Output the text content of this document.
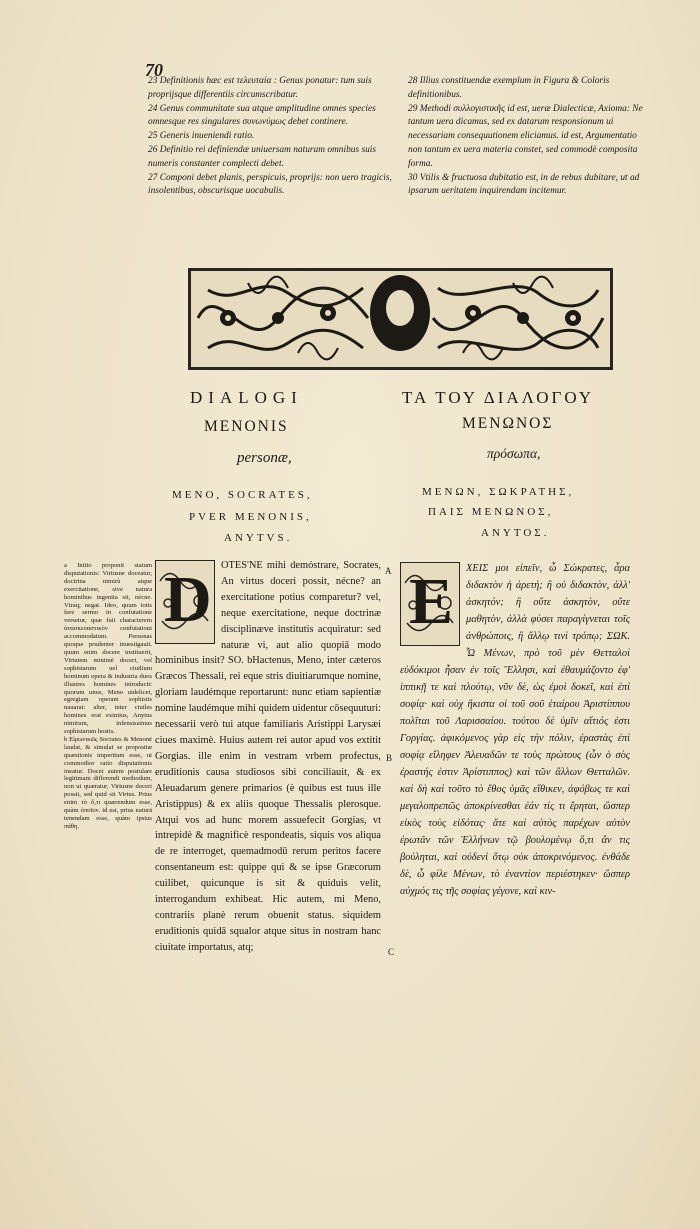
70

23 Definitionis hæc est τελευταία : Genus ponatur: tum suis proprijsque differentiis circumscribatur.

24 Genus communitate sua atque amplitudine omnes species omnesque res singulares συνωνύμως debet continere.

25 Generis inueniendi ratio.

26 Definitio rei definiendæ uniuersam naturam omnibus suis numeris constanter complecti debet.

27 Componi debet planis, perspicuis, proprijs: non uero tragicis, insolentibus, obscurisque uocabulis.

28 Illius constituendæ exemplum in Figura & Coloris definitionibus.

29 Methodi συλλογιστικῆς id est, ueræ Dialecticæ, Axioma: Ne tantum uera dicamus, sed ex datarum responsionum ui necessariam consequutionem eliciamus. id est, Argumentatio non tantum ex uera materia constet, sed commodè composita forma.

30 Vtilis & fructuosa dubitatio est, in de rebus dubitare, ut ad ipsarum ueritatem inquirendam incitemur.

DIALOGI	ΤΑ ΤΟΥ ΔΙΑΛΟΓΟΥ
MENONIS	ΜΕΝΩΝΟΣ
personæ,	πρόσωπα,
MENO, SOCRATES,
PVER MENONIS,
ANYTVS.
ΜΕΝΩΝ, ΣΩΚΡΑΤΗΣ,
ΠΑΙΣ ΜΕΝΩΝΟΣ,
ΑΝΥΤΟΣ.

a Initio proponit statum disputationis: Virtusne doceatur, doctrina nimirù atque exercitatione, sive natura hominibus ingenita sit, nécne. Vtraq; negat. Ideo, quum totis fere sermo in confutatione versetur, quæ fuit characterem ἀνασκευαστικὸν confutationi accommodatum. Personas quoque prudenter inuestigauit. quum enim docere instituerit, Virtutem minimè doceri, vel sophistarum uel ciuilium hominum opera & industria duos illustres homines introducit: quorum unus, Meno uidelicet, egregiam operam sophistis nauarat: alter, inter ciuiles homines erat eximius, Anytus nimirum, infensissimus sophistarum hostis.

b Εἰρωνικῶς Socrates & Menonē laudat, & simulat se propositæ quæstionis imperitum esse, ut commodior ratio disputationis ineatur. Docet autem postulare legitimam differendi methodum, non ut quæratur, Virtusne doceri possit, sed quid sit Virtus. Prius enim τὸ ὅ,τι quærendum esse, quàm ὁποῖον. id est, prius naturā tenendam esse, quàm ipsius πάθη.

D OTES'NE mihi demóstrare, Socrates, An virtus doceri possit, nécne? an exercitatione potius comparetur? vel, neque exercitatione, neque doctrinæ disciplinæve institutis acquiratur: sed naturæ vi, aut alio quopiā modo hominibus insit? SO. bHactenus, Meno, inter cæteros Græcos Thessali, rei eque stris diuitiarumque nomine, gloriam laudémque reportarunt: nunc etiam sapientiæ nomine laudémque mihi quidem uidentur cōsequuturi: necessarii verò tui atque familiaris Aristippi Larysæi ciues maximè. Huius autem rei autor apud vos extitit Gorgias. ille enim in vestram vrbem profectus, eruditionis causa studiosos sibi conciliauit, & ex Aleuadarum genere primarios (è quibus est tuus ille Aristippus) & ex aliis quoque Thessalis plerosque. Atqui vos ad hunc morem assuefecit Gorgias, vt intrepidè & magnificè respondeatis, siquis vos aliqua de re interroget, quemadmodū rerum peritos facere consentaneum est: quippe qui & se ipse Græcorum cuilibet, quicunque is sit & quiduis velit, interrogandum exhibeat. Hic autem, mi Meno, contrariis planè rerum obuenit status. siquidem eruditionis quidā squalor atque situs in nostram hanc ciuitate importatus, atq;

Ε	ΧΕΙΣ μοι εἰπεῖν, ὦ Σώκρατες, ἆρα διδακτὸν ἡ ἀρετή; ἢ οὐ διδακτὸν, ἀλλ' ἀσκητόν; ἢ οὔτε ἀσκητὸν, οὔτε μαθητὸν, ἀλλὰ φύσει παραγίγνεται τοῖς ἀνθρώποις, ἢ ἄλλῳ τινὶ τρόπῳ; ΣΩΚ. Ὦ Μένων, πρὸ τοῦ μὲν Θετταλοὶ εὐδόκιμοι ἦσαν ἐν τοῖς Ἕλλησι, καὶ ἐθαυμάζοντο ἐφ' ἱππικῇ τε καὶ πλούτῳ, νῦν δὲ, ὡς ἐμοὶ δοκεῖ, καὶ ἐπὶ σοφίᾳ· καὶ οὐχ ἥκιστα οἱ τοῦ σοῦ ἑταίρου Ἀριστίππου πολῖται τοῦ Λαρισσαίου. τούτου δὲ ὑμῖν αἴτιός ἐστι Γοργίας. ἀφικόμενος γὰρ εἰς τὴν πόλιν, ἐραστὰς ἐπὶ σοφίᾳ εἴληφεν Ἀλευαδῶν τε τοὺς πρώτους (ὧν ὁ σὸς ἐραστής ἐστιν Ἀρίστιππος) καὶ τῶν ἄλλων Θετταλῶν. καὶ δὴ καὶ τοῦτο τὸ ἔθος ὑμᾶς εἴθικεν, ἀφόβως τε καὶ μεγαλοπρεπῶς ἀποκρίνεσθαι ἐάν τίς τι ἔρηται, ὥσπερ εἰκὸς τοὺς εἰδότας· ἅτε καὶ αὐτὸς παρέχων αὐτὸν ἐρωτᾶν τῶν Ἑλλήνων τῷ βουλομένῳ ὅ,τι ἄν τις βούληται, καὶ οὐδενὶ ὅτῳ οὐκ ἀποκρινόμενος. ἐνθάδε δὲ, ὦ φίλε Μένων, τὸ ἐναντίον περιέστηκεν· ὥσπερ αὐχμός τις τῆς σοφίας γέγονε, καὶ κιν-

A
B
C
